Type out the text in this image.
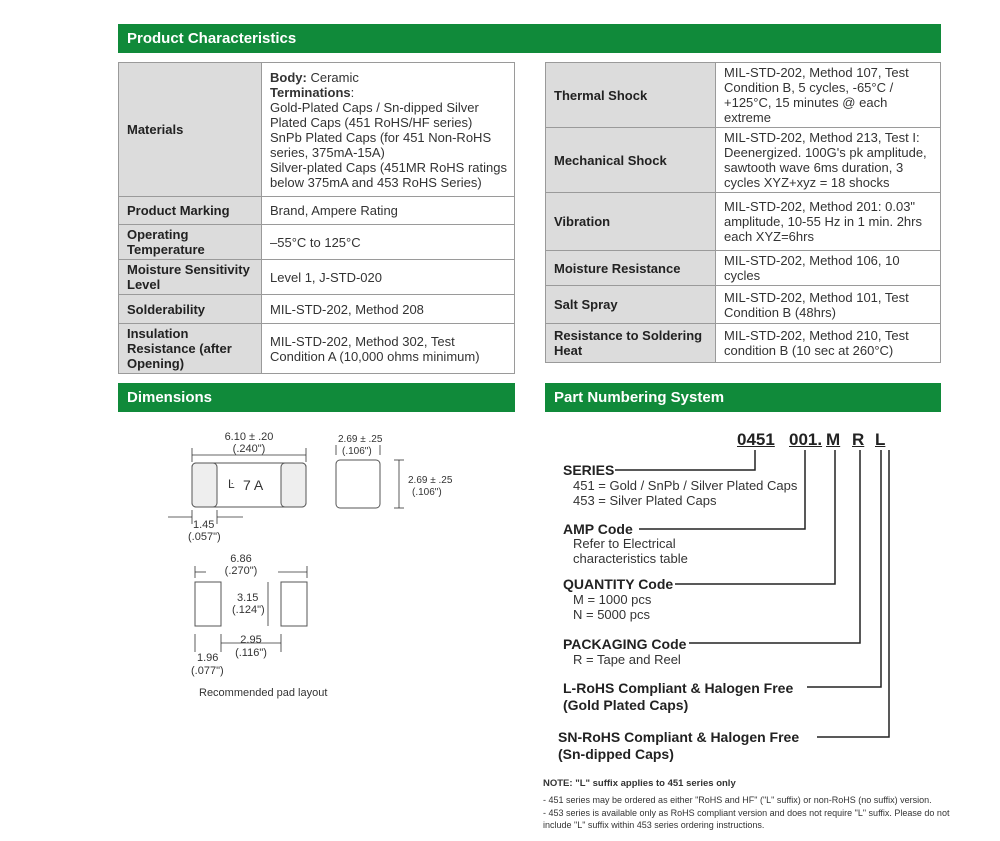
Product Characteristics
Dimensions	Part Numbering System
Materials	Body: Ceramic
Terminations:
Gold-Plated Caps / Sn-dipped Silver Plated Caps (451 RoHS/HF series)
SnPb Plated Caps (for 451 Non-RoHS series, 375mA-15A)
Silver-plated Caps (451MR RoHS ratings below 375mA and 453 RoHS Series)

Product Marking	Brand, Ampere Rating
Operating Temperature	–55°C to 125°C
Moisture Sensitivity Level	Level 1, J-STD-020
Solderability	MIL-STD-202, Method 208
Insulation Resistance (after Opening)	MIL-STD-202, Method 302, Test Condition A (10,000 ohms minimum)
Thermal Shock	MIL-STD-202, Method 107, Test Condition B, 5 cycles, -65°C / +125°C, 15 minutes @ each extreme
Mechanical Shock	MIL-STD-202, Method 213, Test I: Deenergized. 100G's pk amplitude, sawtooth wave 6ms duration, 3 cycles XYZ+xyz = 18 shocks
Vibration	MIL-STD-202, Method 201: 0.03" amplitude, 10-55 Hz in 1 min. 2hrs each XYZ=6hrs
Moisture Resistance	MIL-STD-202, Method 106, 10 cycles
Salt Spray	MIL-STD-202, Method 101, Test Condition B (48hrs)
Resistance to Soldering Heat	MIL-STD-202, Method 210, Test condition B (10 sec at 260°C)
6.10 ± .20
(.240")
Ŀ 7 A
1.45
(.057")
2.69 ± .25
(.106")
2.69 ± .25
(.106")
6.86
(.270")
3.15
(.124")
2.95
(.116")
1.96
(.077")
Recommended pad layout
0451 001. M R L
SERIES
451 = Gold / SnPb / Silver Plated Caps
453 = Silver Plated Caps
AMP Code
Refer to Electrical
characteristics table
QUANTITY Code
M = 1000 pcs
N = 5000 pcs
PACKAGING Code
R = Tape and Reel
L-RoHS Compliant & Halogen Free
(Gold Plated Caps)
SN-RoHS Compliant & Halogen Free
(Sn-dipped Caps)
NOTE: "L" suffix applies to 451 series only
- 451 series may be ordered as either "RoHS and HF" ("L" suffix) or non-RoHS (no suffix) version.
- 453 series is available only as RoHS compliant version and does not require "L" suffix. Please do not
include "L" suffix within 453 series ordering instructions.
